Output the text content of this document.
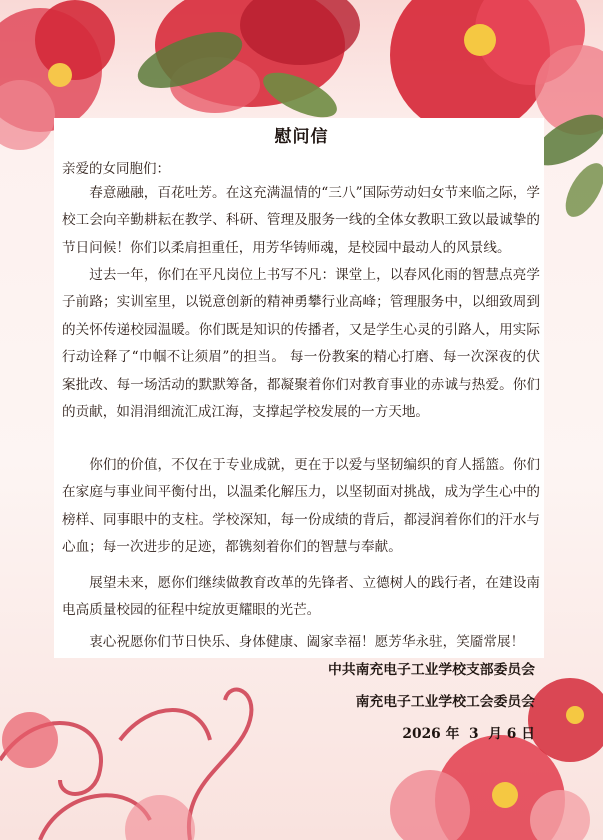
慰问信
亲爱的女同胞们：

春意融融，百花吐芳。在这充满温情的“三八”国际劳动妇女节来临之际，学校工会向辛勤耕耘在教学、科研、管理及服务一线的全体女教职工致以最诚挚的节日问候！你们以柔肩担重任，用芳华铸师魂，是校园中最动人的风景线。

过去一年，你们在平凡岗位上书写不凡：课堂上，以春风化雨的智慧点亮学子前路；实训室里，以锐意创新的精神勇攀行业高峰；管理服务中，以细致周到的关怀传递校园温暖。你们既是知识的传播者，又是学生心灵的引路人，用实际行动诠释了“巾帼不让须眉”的担当。 每一份教案的精心打磨、每一次深夜的伏案批改、每一场活动的默默筹备，都凝聚着你们对教育事业的赤诚与热爱。你们的贡献，如涓涓细流汇成江海，支撑起学校发展的一方天地。

你们的价值，不仅在于专业成就，更在于以爱与坚韧编织的育人摇篮。你们在家庭与事业间平衡付出，以温柔化解压力，以坚韧面对挑战，成为学生心中的榜样、同事眼中的支柱。学校深知，每一份成绩的背后，都浸润着你们的汗水与心血；每一次进步的足迹，都镌刻着你们的智慧与奉献。

展望未来，愿你们继续做教育改革的先锋者、立德树人的践行者，在建设南电高质量校园的征程中绽放更耀眼的光芒。

衷心祝愿你们节日快乐、身体健康、阖家幸福！愿芳华永驻，笑靥常展！
中共南充电子工业学校支部委员会
南充电子工业学校工会委员会
2026 年  3  月 6 日
